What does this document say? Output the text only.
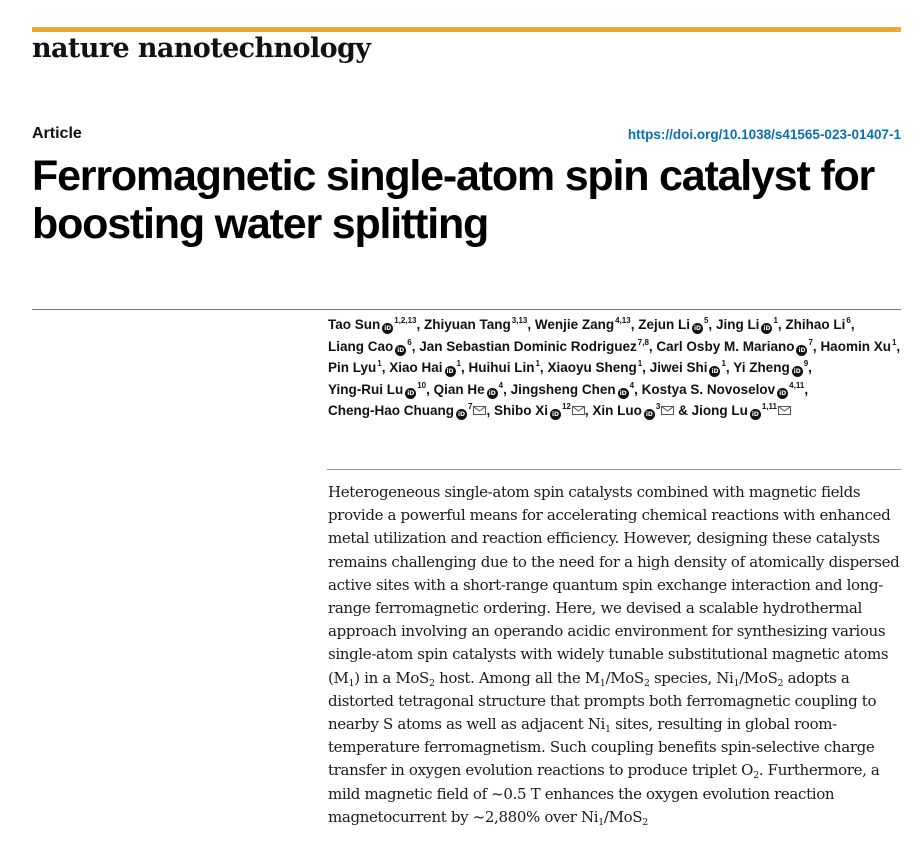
nature nanotechnology
Article	https://doi.org/10.1038/s41565-023-01407-1
Ferromagnetic single-atom spin catalyst for boosting water splitting
Tao Sun iD$^{1,2,13}$, Zhiyuan Tang$^{3,13}$, Wenjie Zang$^{4,13}$, Zejun Li iD$^5$, Jing Li iD$^1$, Zhihao Li$^6$, Liang Cao iD$^6$, Jan Sebastian Dominic Rodriguez$^{7,8}$, Carl Osby M. Mariano iD$^7$, Haomin Xu$^1$, Pin Lyu$^1$, Xiao Hai iD$^1$, Huihui Lin$^1$, Xiaoyu Sheng$^1$, Jiwei Shi iD$^1$, Yi Zheng iD$^9$, Ying-Rui Lu iD$^{10}$, Qian He iD$^4$, Jingsheng Chen iD$^4$, Kostya S. Novoselov iD$^{4,11}$, Cheng-Hao Chuang iD$^7$ , Shibo Xi iD$^{12}$ , Xin Luo iD$^3$ & Jiong Lu iD$^{1,11}$

Heterogeneous single-atom spin catalysts combined with magnetic fields provide a powerful means for accelerating chemical reactions with enhanced metal utilization and reaction efficiency. However, designing these catalysts remains challenging due to the need for a high density of atomically dispersed active sites with a short-range quantum spin exchange interaction and long-range ferromagnetic ordering. Here, we devised a scalable hydrothermal approach involving an operando acidic environment for synthesizing various single-atom spin catalysts with widely tunable substitutional magnetic atoms $(M_1)$ in a MoS$_2$ host. Among all the $M_1/MoS_2$ species, $Ni_1/MoS_2$ adopts a distorted tetragonal structure that prompts both ferromagnetic coupling to nearby S atoms as well as adjacent $Ni_1$ sites, resulting in global room-temperature ferromagnetism. Such coupling benefits spin-selective charge transfer in oxygen evolution reactions to produce triplet $O_2$. Furthermore, a mild magnetic field of ~0.5 T enhances the oxygen evolution reaction magnetocurrent by ~2,880% over $Ni_1/MoS_2$
